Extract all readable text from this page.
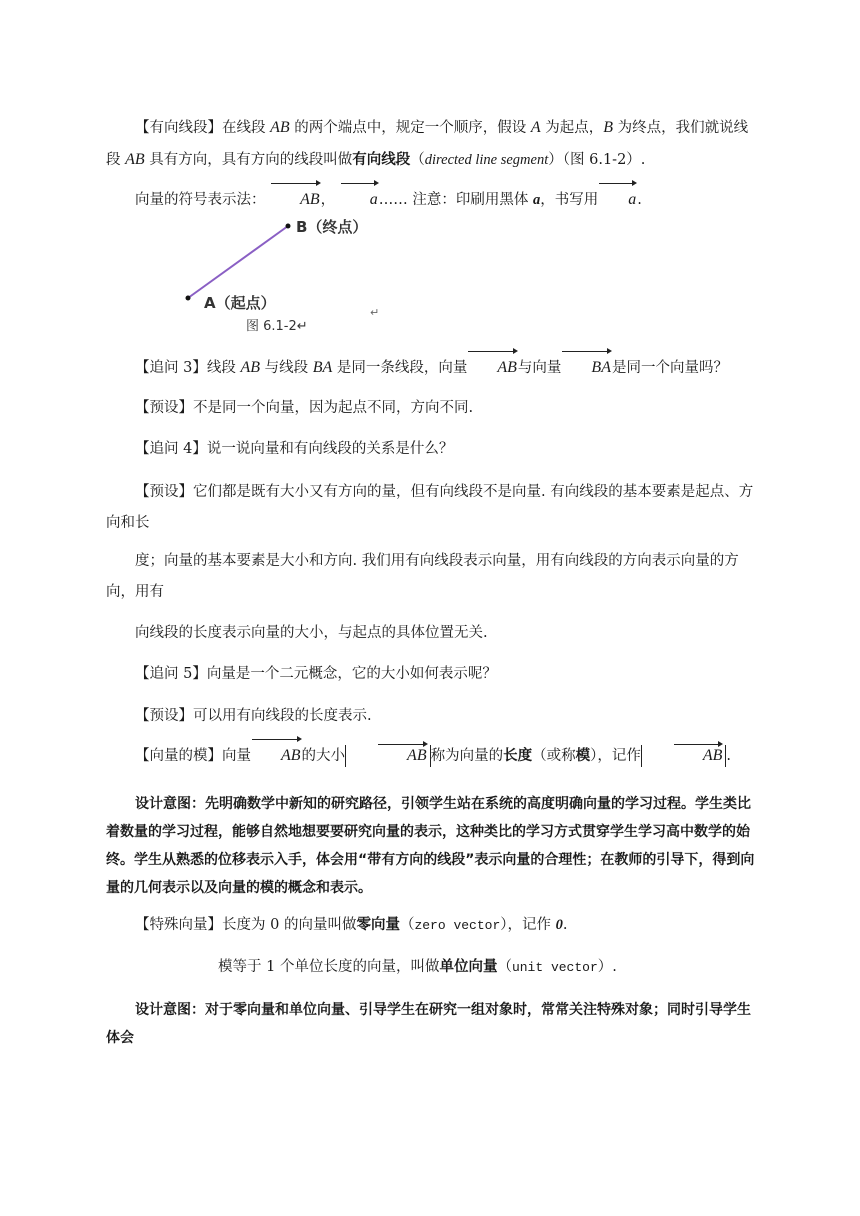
【有向线段】在线段 AB 的两个端点中，规定一个顺序，假设 A 为起点，B 为终点，我们就说线段 AB 具有方向，具有方向的线段叫做有向线段（directed line segment）（图 6.1-2）.
向量的符号表示法： AB， a…… 注意：印刷用黑体 a，书写用 a.
B（终点）
A（起点）
图 6.1-2↵
↵
【追问 3】线段 AB 与线段 BA 是同一条线段，向量 AB与向量 BA是同一个向量吗？
【预设】不是同一个向量，因为起点不同，方向不同.
【追问 4】说一说向量和有向线段的关系是什么？
【预设】它们都是既有大小又有方向的量，但有向线段不是向量. 有向线段的基本要素是起点、方向和长
度；向量的基本要素是大小和方向. 我们用有向线段表示向量，用有向线段的方向表示向量的方向，用有
向线段的长度表示向量的大小，与起点的具体位置无关.
【追问 5】向量是一个二元概念，它的大小如何表示呢？
【预设】可以用有向线段的长度表示.
【向量的模】向量 AB的大小	AB 称为向量的长度（或称模），记作	AB .
设计意图：先明确数学中新知的研究路径，引领学生站在系统的高度明确向量的学习过程。学生类比着数量的学习过程，能够自然地想要要研究向量的表示，这种类比的学习方式贯穿学生学习高中数学的始终。学生从熟悉的位移表示入手，体会用“带有方向的线段”表示向量的合理性；在教师的引导下，得到向量的几何表示以及向量的模的概念和表示。
【特殊向量】长度为 0 的向量叫做零向量（zero vector），记作 0.
模等于 1 个单位长度的向量，叫做单位向量（unit vector）.
设计意图：对于零向量和单位向量、引导学生在研究一组对象时，常常关注特殊对象；同时引导学生体会
